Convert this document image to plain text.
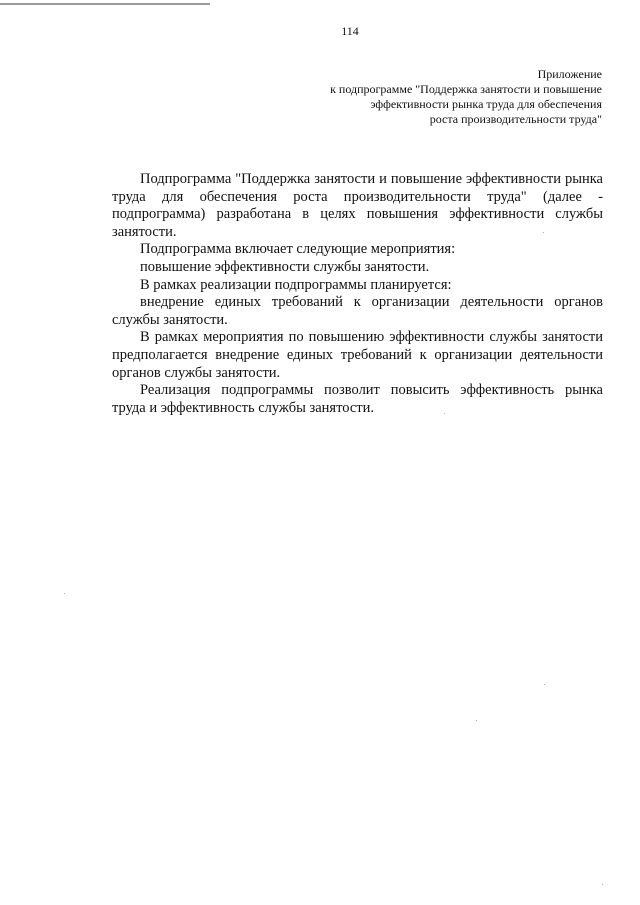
114
Приложение
к подпрограмме "Поддержка занятости и повышение
эффективности рынка труда для обеспечения
роста производительности труда"

Подпрограмма "Поддержка занятости и повышение эффективности рынка труда для обеспечения роста производительности труда" (далее - подпрограмма) разработана в целях повышения эффективности службы занятости.

Подпрограмма включает следующие мероприятия:

повышение эффективности службы занятости.

В рамках реализации подпрограммы планируется:

внедрение единых требований к организации деятельности органов службы занятости.

В рамках мероприятия по повышению эффективности службы занятости предполагается внедрение единых требований к организации деятельности органов службы занятости.

Реализация подпрограммы позволит повысить эффективность рынка труда и эффективность службы занятости.
